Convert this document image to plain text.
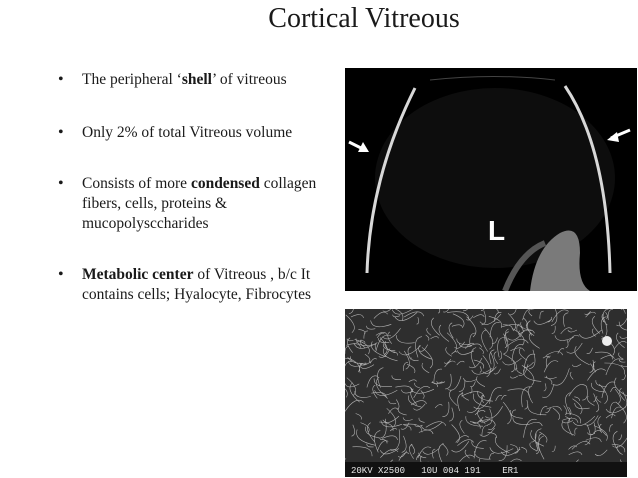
Cortical Vitreous
• The peripheral ‘shell’ of vitreous
• Only 2% of total Vitreous volume
• Consists of more condensed collagen fibers, cells, proteins & mucopolysccharides
• Metabolic center of Vitreous , b/c It contains cells; Hyalocyte, Fibrocytes
L
20KV X2500   10U 004 191    ER1
